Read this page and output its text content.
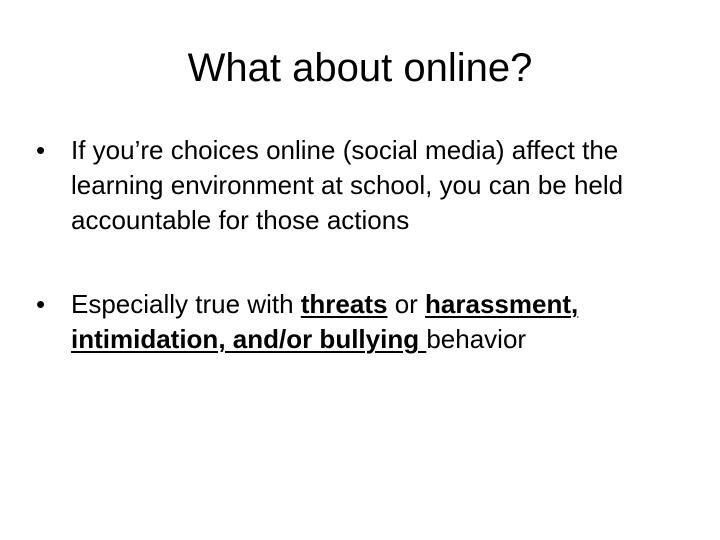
What about online?
• If you’re choices online (social media) affect the learning environment at school, you can be held accountable for those actions
• Especially true with threats or harassment, intimidation, and/or bullying behavior
